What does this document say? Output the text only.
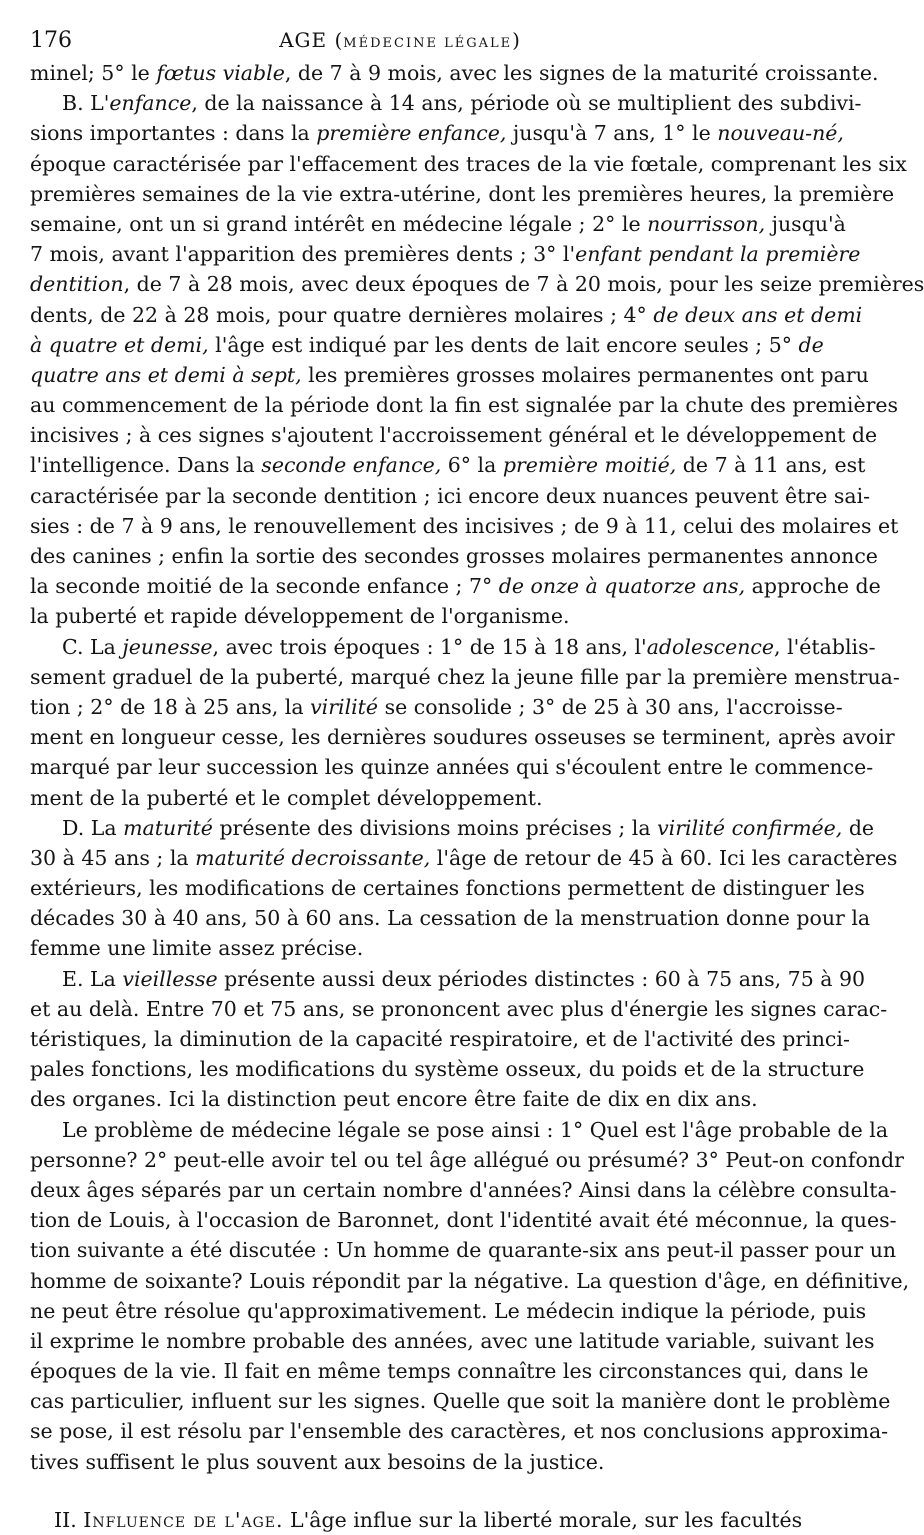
176	AGE (MÉDECINE LÉGALE)
minel; 5° le fœtus viable, de 7 à 9 mois, avec les signes de la maturité croissante.
B. L'enfance, de la naissance à 14 ans, période où se multiplient des subdivi-
sions importantes : dans la première enfance, jusqu'à 7 ans, 1° le nouveau-né,
époque caractérisée par l'effacement des traces de la vie fœtale, comprenant les six
premières semaines de la vie extra-utérine, dont les premières heures, la première
semaine, ont un si grand intérêt en médecine légale ; 2° le nourrisson, jusqu'à
7 mois, avant l'apparition des premières dents ; 3° l'enfant pendant la première
dentition, de 7 à 28 mois, avec deux époques de 7 à 20 mois, pour les seize premières
dents, de 22 à 28 mois, pour quatre dernières molaires ; 4° de deux ans et demi
à quatre et demi, l'âge est indiqué par les dents de lait encore seules ; 5° de
quatre ans et demi à sept, les premières grosses molaires permanentes ont paru
au commencement de la période dont la fin est signalée par la chute des premières
incisives ; à ces signes s'ajoutent l'accroissement général et le développement de
l'intelligence. Dans la seconde enfance, 6° la première moitié, de 7 à 11 ans, est
caractérisée par la seconde dentition ; ici encore deux nuances peuvent être sai-
sies : de 7 à 9 ans, le renouvellement des incisives ; de 9 à 11, celui des molaires et
des canines ; enfin la sortie des secondes grosses molaires permanentes annonce
la seconde moitié de la seconde enfance ; 7° de onze à quatorze ans, approche de
la puberté et rapide développement de l'organisme.
C. La jeunesse, avec trois époques : 1° de 15 à 18 ans, l'adolescence, l'établis-
sement graduel de la puberté, marqué chez la jeune fille par la première menstrua-
tion ; 2° de 18 à 25 ans, la virilité se consolide ; 3° de 25 à 30 ans, l'accroisse-
ment en longueur cesse, les dernières soudures osseuses se terminent, après avoir
marqué par leur succession les quinze années qui s'écoulent entre le commence-
ment de la puberté et le complet développement.
D. La maturité présente des divisions moins précises ; la virilité confirmée, de
30 à 45 ans ; la maturité decroissante, l'âge de retour de 45 à 60. Ici les caractères
extérieurs, les modifications de certaines fonctions permettent de distinguer les
décades 30 à 40 ans, 50 à 60 ans. La cessation de la menstruation donne pour la
femme une limite assez précise.
E. La vieillesse présente aussi deux périodes distinctes : 60 à 75 ans, 75 à 90
et au delà. Entre 70 et 75 ans, se prononcent avec plus d'énergie les signes carac-
téristiques, la diminution de la capacité respiratoire, et de l'activité des princi-
pales fonctions, les modifications du système osseux, du poids et de la structure
des organes. Ici la distinction peut encore être faite de dix en dix ans.
Le problème de médecine légale se pose ainsi : 1° Quel est l'âge probable de la
personne? 2° peut-elle avoir tel ou tel âge allégué ou présumé? 3° Peut-on confondr
deux âges séparés par un certain nombre d'années? Ainsi dans la célèbre consulta-
tion de Louis, à l'occasion de Baronnet, dont l'identité avait été méconnue, la ques-
tion suivante a été discutée : Un homme de quarante-six ans peut-il passer pour un
homme de soixante? Louis répondit par la négative. La question d'âge, en définitive,
ne peut être résolue qu'approximativement. Le médecin indique la période, puis
il exprime le nombre probable des années, avec une latitude variable, suivant les
époques de la vie. Il fait en même temps connaître les circonstances qui, dans le
cas particulier, influent sur les signes. Quelle que soit la manière dont le problème
se pose, il est résolu par l'ensemble des caractères, et nos conclusions approxima-
tives suffisent le plus souvent aux besoins de la justice.
II. Influence de l'age. L'âge influe sur la liberté morale, sur les facultés
